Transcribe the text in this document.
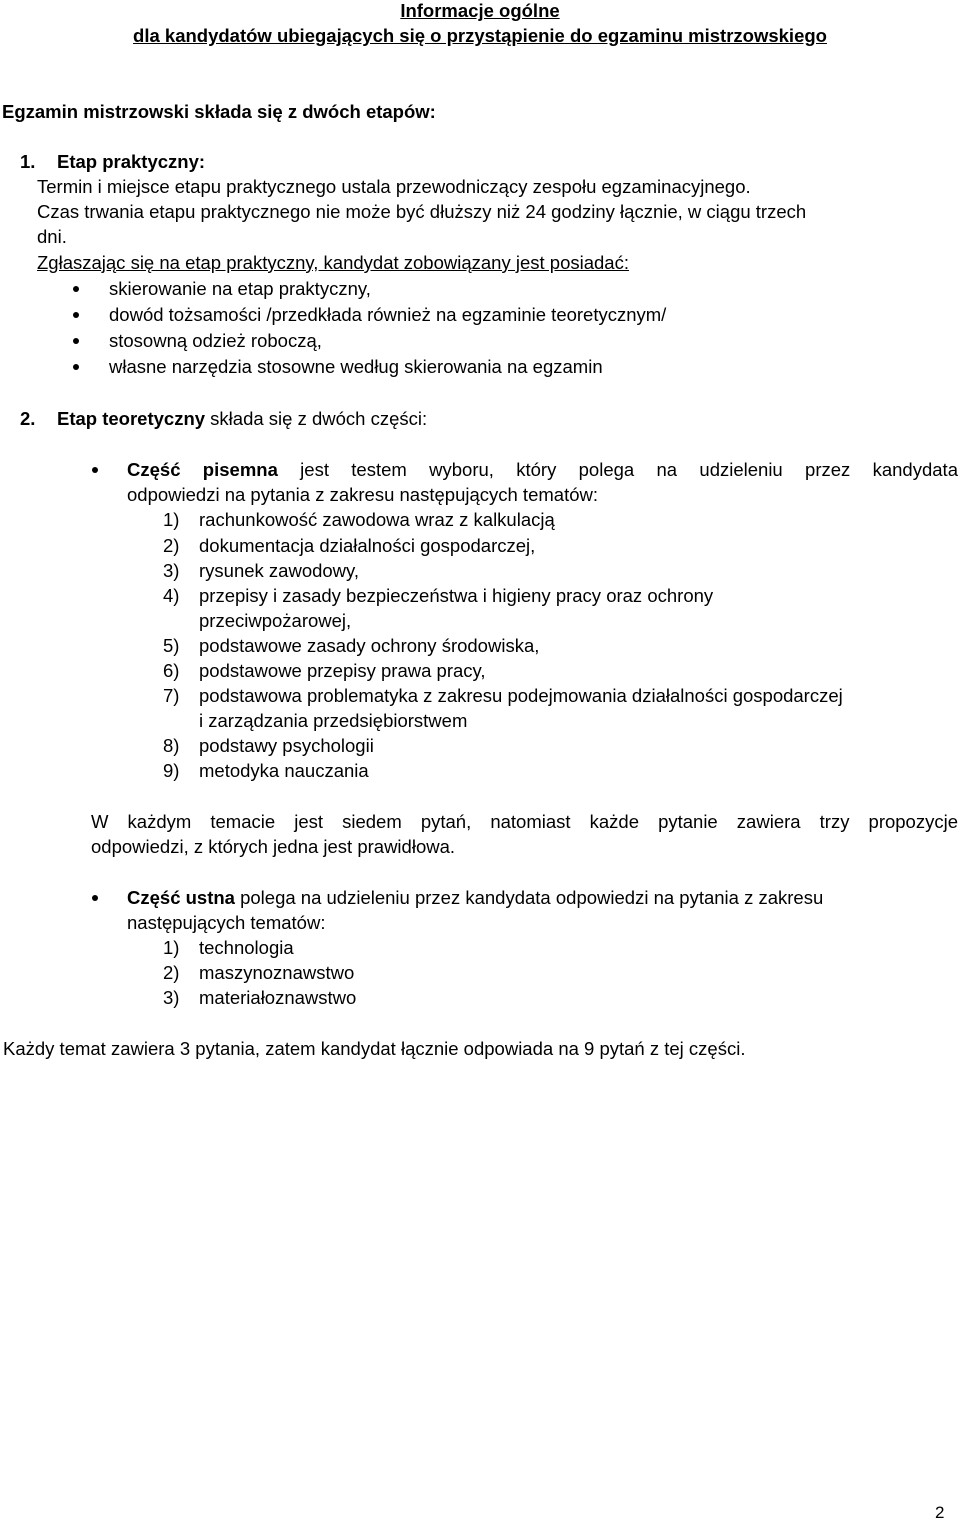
Informacje ogólne
dla kandydatów ubiegających się o przystąpienie do egzaminu mistrzowskiego
Egzamin mistrzowski składa się z dwóch etapów:
1. Etap praktyczny:
Termin i miejsce etapu praktycznego ustala przewodniczący zespołu egzaminacyjnego.
Czas trwania etapu praktycznego nie może być dłuższy niż 24 godziny łącznie, w ciągu trzech
dni.
Zgłaszając się na etap praktyczny, kandydat zobowiązany jest posiadać:
skierowanie na etap praktyczny,
dowód tożsamości /przedkłada również na egzaminie teoretycznym/
stosowną odzież roboczą,
własne narzędzia stosowne według skierowania na egzamin
2. Etap teoretyczny składa się z dwóch części:
Część pisemna jest testem wyboru, który polega na udzieleniu przez kandydata
odpowiedzi na pytania z zakresu następujących tematów:
1) rachunkowość zawodowa wraz z kalkulacją
2) dokumentacja działalności gospodarczej,
3) rysunek zawodowy,
4) przepisy i zasady bezpieczeństwa i higieny pracy oraz ochrony
przeciwpożarowej,
5) podstawowe zasady ochrony środowiska,
6) podstawowe przepisy prawa pracy,
7) podstawowa problematyka z zakresu podejmowania działalności gospodarczej
i zarządzania przedsiębiorstwem
8) podstawy psychologii
9) metodyka nauczania
W każdym temacie jest siedem pytań, natomiast każde pytanie zawiera trzy propozycje
odpowiedzi, z których jedna jest prawidłowa.
Część ustna polega na udzieleniu przez kandydata odpowiedzi na pytania z zakresu
następujących tematów:
1) technologia
2) maszynoznawstwo
3) materiałoznawstwo
Każdy temat zawiera 3 pytania, zatem kandydat łącznie odpowiada na 9 pytań z tej części.
2
